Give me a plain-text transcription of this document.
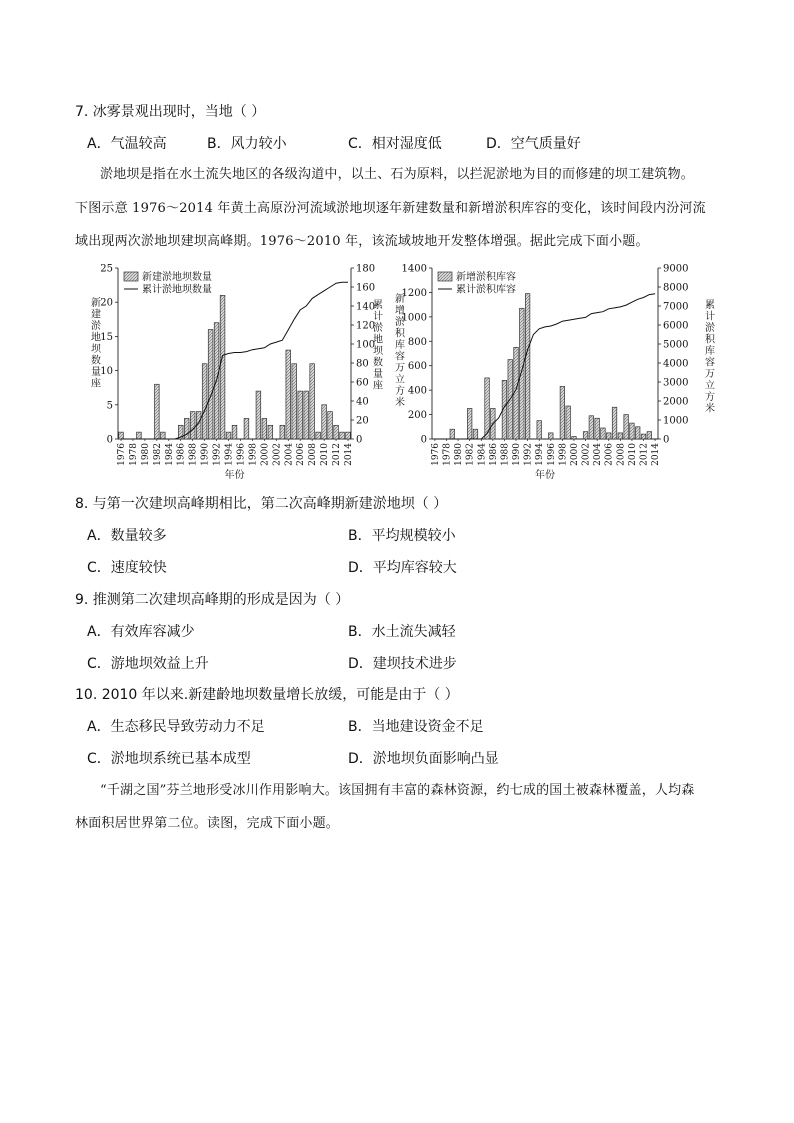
7. 冰雾景观出现时，当地（ ）
A．气温较高	B．风力较小	C．相对湿度低	D．空气质量好
淤地坝是指在水土流失地区的各级沟道中，以土、石为原料，以拦泥淤地为目的而修建的坝工建筑物。
下图示意 1976～2014 年黄土高原汾河流域淤地坝逐年新建数量和新增淤积库容的变化，该时间段内汾河流
域出现两次淤地坝建坝高峰期。1976～2010 年，该流域坡地开发整体增强。据此完成下面小题。
0
5
10
15
20
25
0
20
40
60
80
100
120
140
160
180
1976 1978 1980 1982 1984 1986 1988 1990 1992 1994 1996 1998 2000 2002 2004 2006 2008 2010 2012 2014
年份
新建淤地坝数量座
累计淤地坝数量座
新建淤地坝数量
累计淤地坝数量
0
200
400
600
800
1000
1200
1400
0
1000
2000
3000
4000
5000
6000
7000
8000
9000
1976 1978 1980 1982 1984 1986 1988 1990 1992 1994 1996 1998 2000 2002 2004 2006 2008 2010 2012 2014
年份
新增淤积库容万立方米
累计淤积库容万立方米
新增淤积库容
累计淤积库容
8. 与第一次建坝高峰期相比，第二次高峰期新建淤地坝（ ）
A．数量较多	B．平均规模较小
C．速度较快	D．平均库容较大
9. 推测第二次建坝高峰期的形成是因为（ ）
A．有效库容减少	B．水土流失减轻
C．游地坝效益上升	D．建坝技术进步
10. 2010 年以来.新建齡地坝数量增长放缓，可能是由于（ ）
A．生态移民导致劳动力不足	B．当地建设资金不足
C．淤地坝系统已基本成型	D．淤地坝负面影响凸显
“千湖之国”芬兰地形受冰川作用影响大。该国拥有丰富的森林资源，约七成的国土被森林覆盖，人均森
林面积居世界第二位。读图，完成下面小题。
